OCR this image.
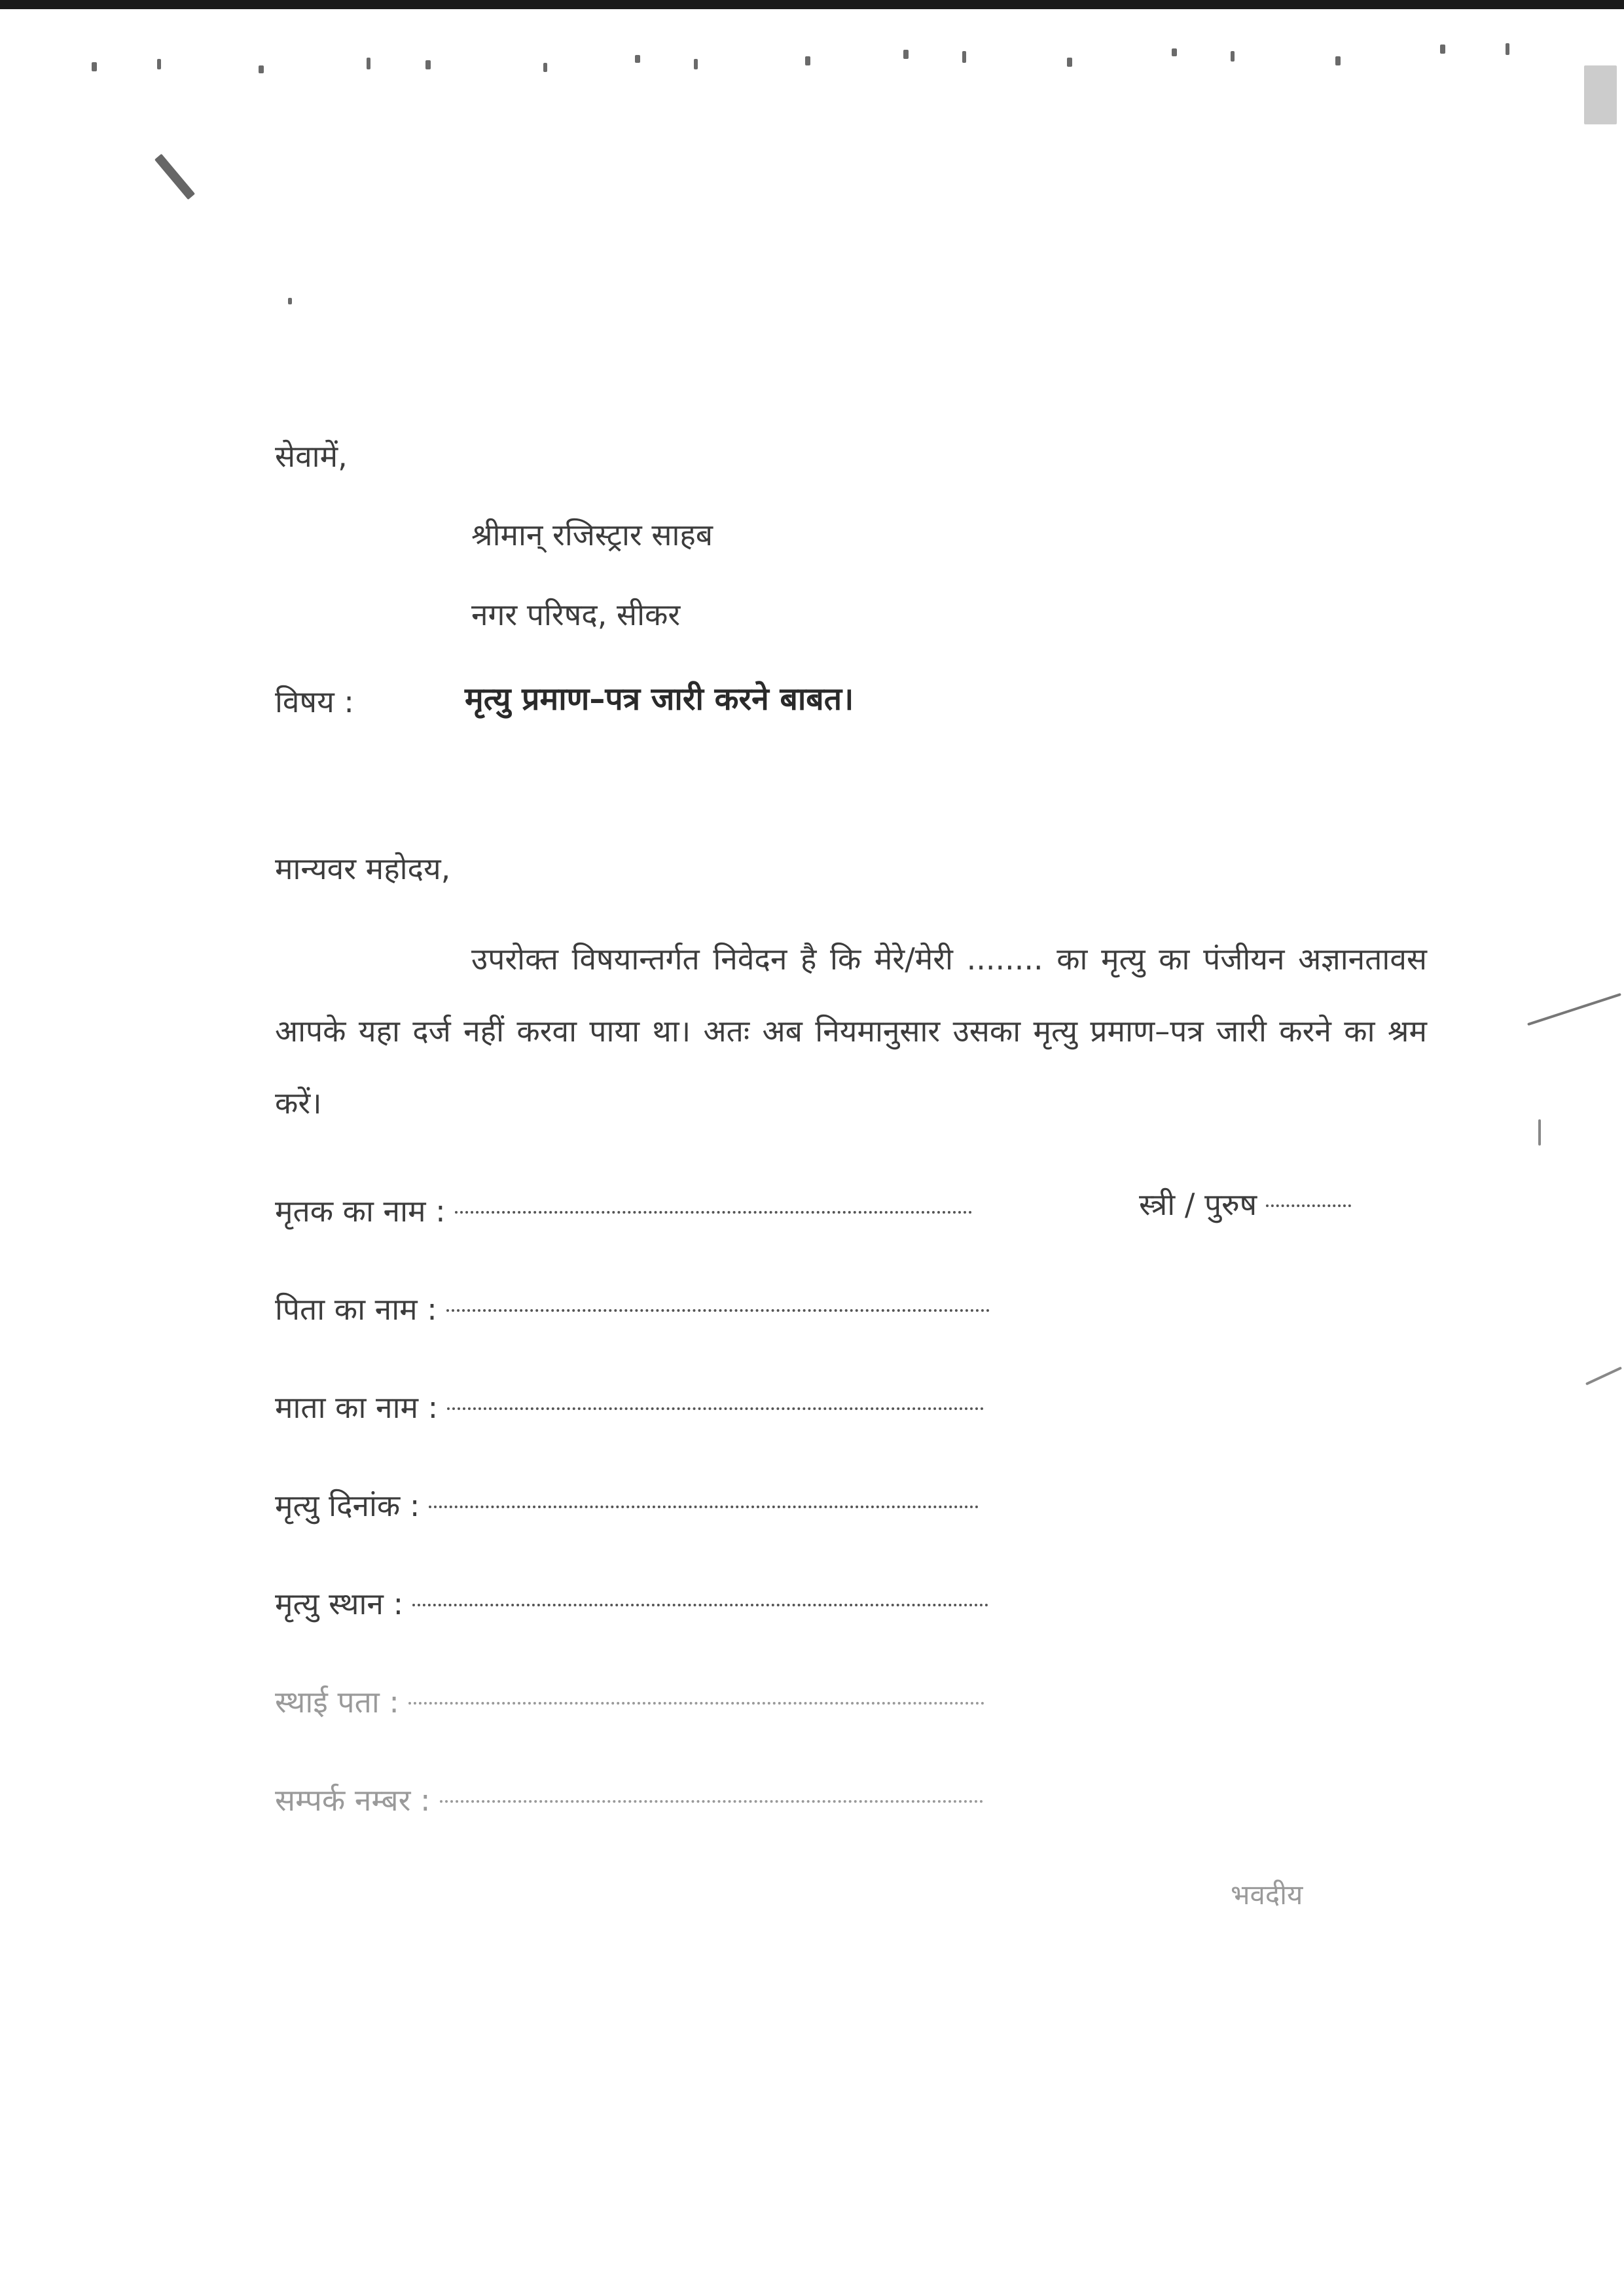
सेवामें,
श्रीमान् रजिस्ट्रार साहब
नगर परिषद, सीकर
विषय :	मृत्यु प्रमाण–पत्र जारी करने बाबत।
मान्यवर महोदय,
उपरोक्त विषयान्तर्गत निवेदन है कि मेरे/मेरी ........ का मृत्यु का पंजीयन अज्ञानतावस आपके यहा दर्ज नहीं करवा पाया था। अतः अब नियमानुसार उसका मृत्यु प्रमाण–पत्र जारी करने का श्रम करें।
मृतक का नाम :	स्त्री / पुरुष
पिता का नाम :
माता का नाम :
मृत्यु दिनांक :
मृत्यु स्थान :
स्थाई पता :
सम्पर्क नम्बर :
भवदीय
